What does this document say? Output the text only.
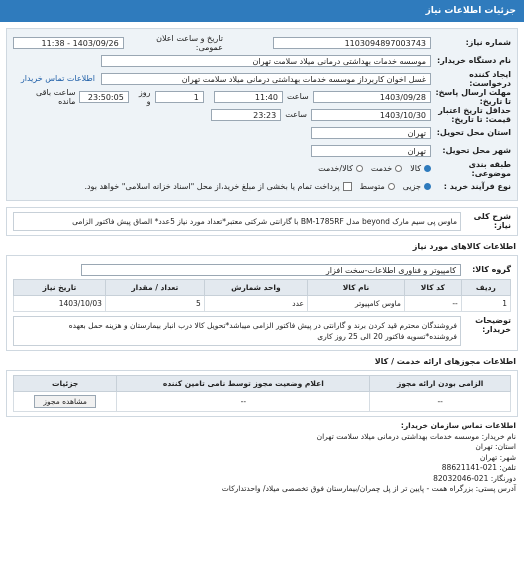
جزئیات اطلاعات نیاز
شماره نیاز:
1103094897003743
تاریخ و ساعت اعلان عمومی:
1403/09/26 - 11:38
نام دستگاه خریدار:
موسسه خدمات بهداشتی درمانی میلاد سلامت تهران
ایجاد کننده درخواست:
غسل اخوان کاربرداز موسسه خدمات بهداشتی درمانی میلاد سلامت تهران
اطلاعات تماس خریدار
مهلت ارسال پاسخ: تا تاریخ:
1403/09/28
ساعت
11:40
1
روز و
23:50:05
ساعت باقی مانده
حداقل تاریخ اعتبار قیمت: تا تاریخ:
1403/10/30
ساعت
23:23
استان محل تحویل:
تهران
شهر محل تحویل:
تهران
طبقه بندی موضوعی:
کالا
خدمت
کالا/خدمت
نوع فرآیند خرید :
جزیی
متوسط
پرداخت تمام یا بخشی از مبلغ خرید،از محل "اسناد خزانه اسلامی" خواهد بود.
شرح کلی نیاز:
ماوس پی سیم مارک beyond مدل BM-1785RF با گارانتی شرکتی معتبر*تعداد مورد نیاز 5عدد* الصاق پیش فاکتور الزامی
اطلاعات کالاهای مورد نیاز
گروه کالا:
کامپیوتر و فناوری اطلاعات-سخت افزار
ردیف	کد کالا	نام کالا	واحد شمارش	تعداد / مقدار	تاریخ نیاز
1	--	ماوس کامپیوتر	عدد	5	1403/10/03
توضیحات خریدار:
فروشندگان محترم قید کردن برند و گارانتی در پیش فاکتور الزامی میباشد*تحویل کالا درب انبار بیمارستان و هزینه حمل بعهده فروشنده*تسویه فاکتور 20 الی 25 روز کاری
اطلاعات مجوزهای ارائه خدمت / کالا
الزامی بودن ارائه مجوز	اعلام وضعیت مجوز توسط نامی تامین کننده	جزئیات
--	--	مشاهده مجوز
اطلاعات تماس سازمان خریدار:
نام خریدار: موسسه خدمات بهداشتی درمانی میلاد سلامت تهران
استان: تهران
شهر: تهران
تلفن: 021-88621141
دورنگار: 021-82032046
آدرس پستی: بزرگراه همت - پایین تر از پل چمران/بیمارستان فوق تخصصی میلاد/ واحدتدارکات
